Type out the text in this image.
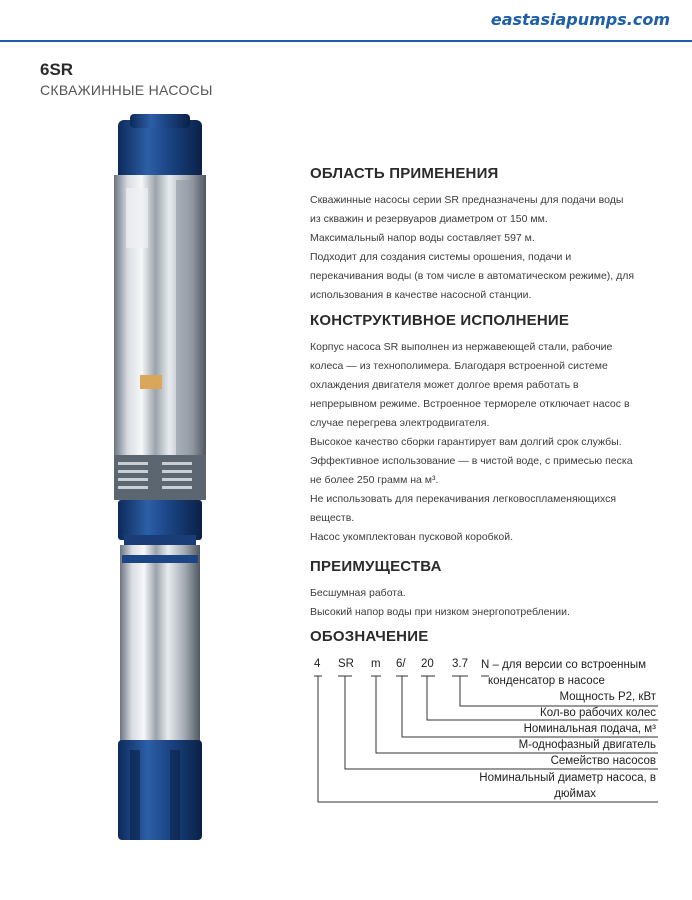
eastasiapumps.com
6SR
СКВАЖИННЫЕ НАСОСЫ
ОБЛАСТЬ ПРИМЕНЕНИЯ

Скважинные насосы серии SR предназначены для подачи воды

из скважин и резервуаров диаметром от 150 мм.

Максимальный напор воды составляет 597 м.

Подходит для создания системы орошения, подачи и

перекачивания воды (в том числе в автоматическом режиме), для

использования в качестве насосной станции.

КОНСТРУКТИВНОЕ ИСПОЛНЕНИЕ

Корпус насоса SR выполнен из нержавеющей стали, рабочие

колеса — из технополимера. Благодаря встроенной системе

охлаждения двигателя может долгое время работать в

непрерывном режиме. Встроенное термореле отключает насос в

случае перегрева электродвигателя.

Высокое качество сборки гарантирует вам долгий срок службы.

Эффективное использование — в чистой воде, с примесью песка

не более 250 грамм на м³.

Не использовать для перекачивания легковоспламеняющихся

веществ.

Насос укомплектован пусковой коробкой.

ПРЕИМУЩЕСТВА

Бесшумная работа.

Высокий напор воды при низком энергопотреблении.

ОБОЗНАЧЕНИЕ
4 SR m 6/ 20 3.7 N – для версии со встроенным
конденсатор в насосе
Мощность P2, кВт
Кол-во рабочих колес
Номинальная подача, м³
М-однофазный двигатель
Семейство насосов
Номинальный диаметр насоса, в
дюймах
